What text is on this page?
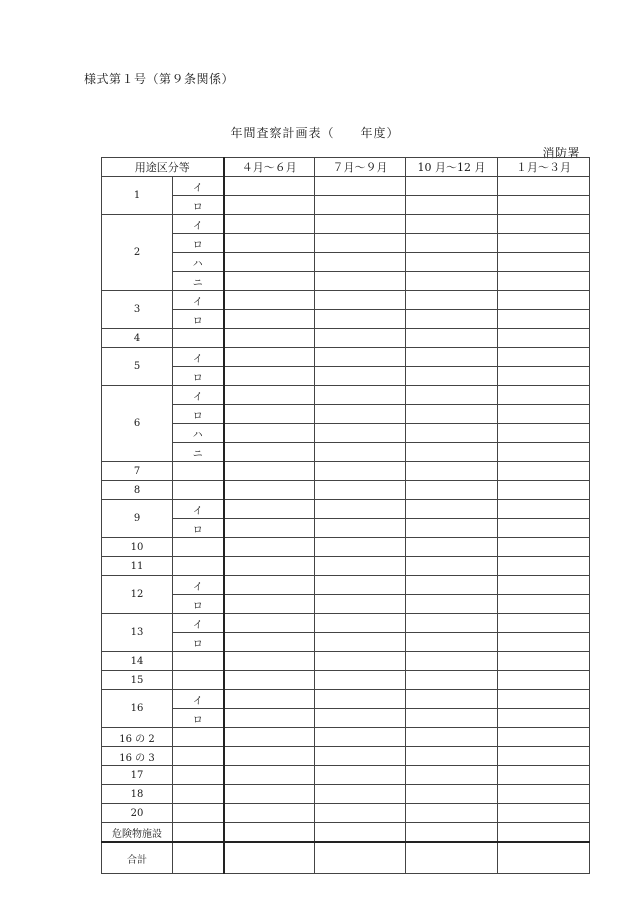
様式第１号（第９条関係）
年間査察計画表（ 年度）
消防署
用途区分等		４月～６月	７月～９月	10 月～12 月	１月～３月
1	イ				
	ロ				
2	イ				
	ロ				
	ハ				
	ニ				
3	イ				
	ロ				
4					
5	イ				
	ロ				
6	イ				
	ロ				
	ハ				
	ニ				
7					
8					
9	イ				
	ロ				
10					
11					
12	イ				
	ロ				
13	イ				
	ロ				
14					
15					
16	イ				
	ロ				
16 の 2					
16 の 3					
17					
18					
20					
危険物施設					
合計					
